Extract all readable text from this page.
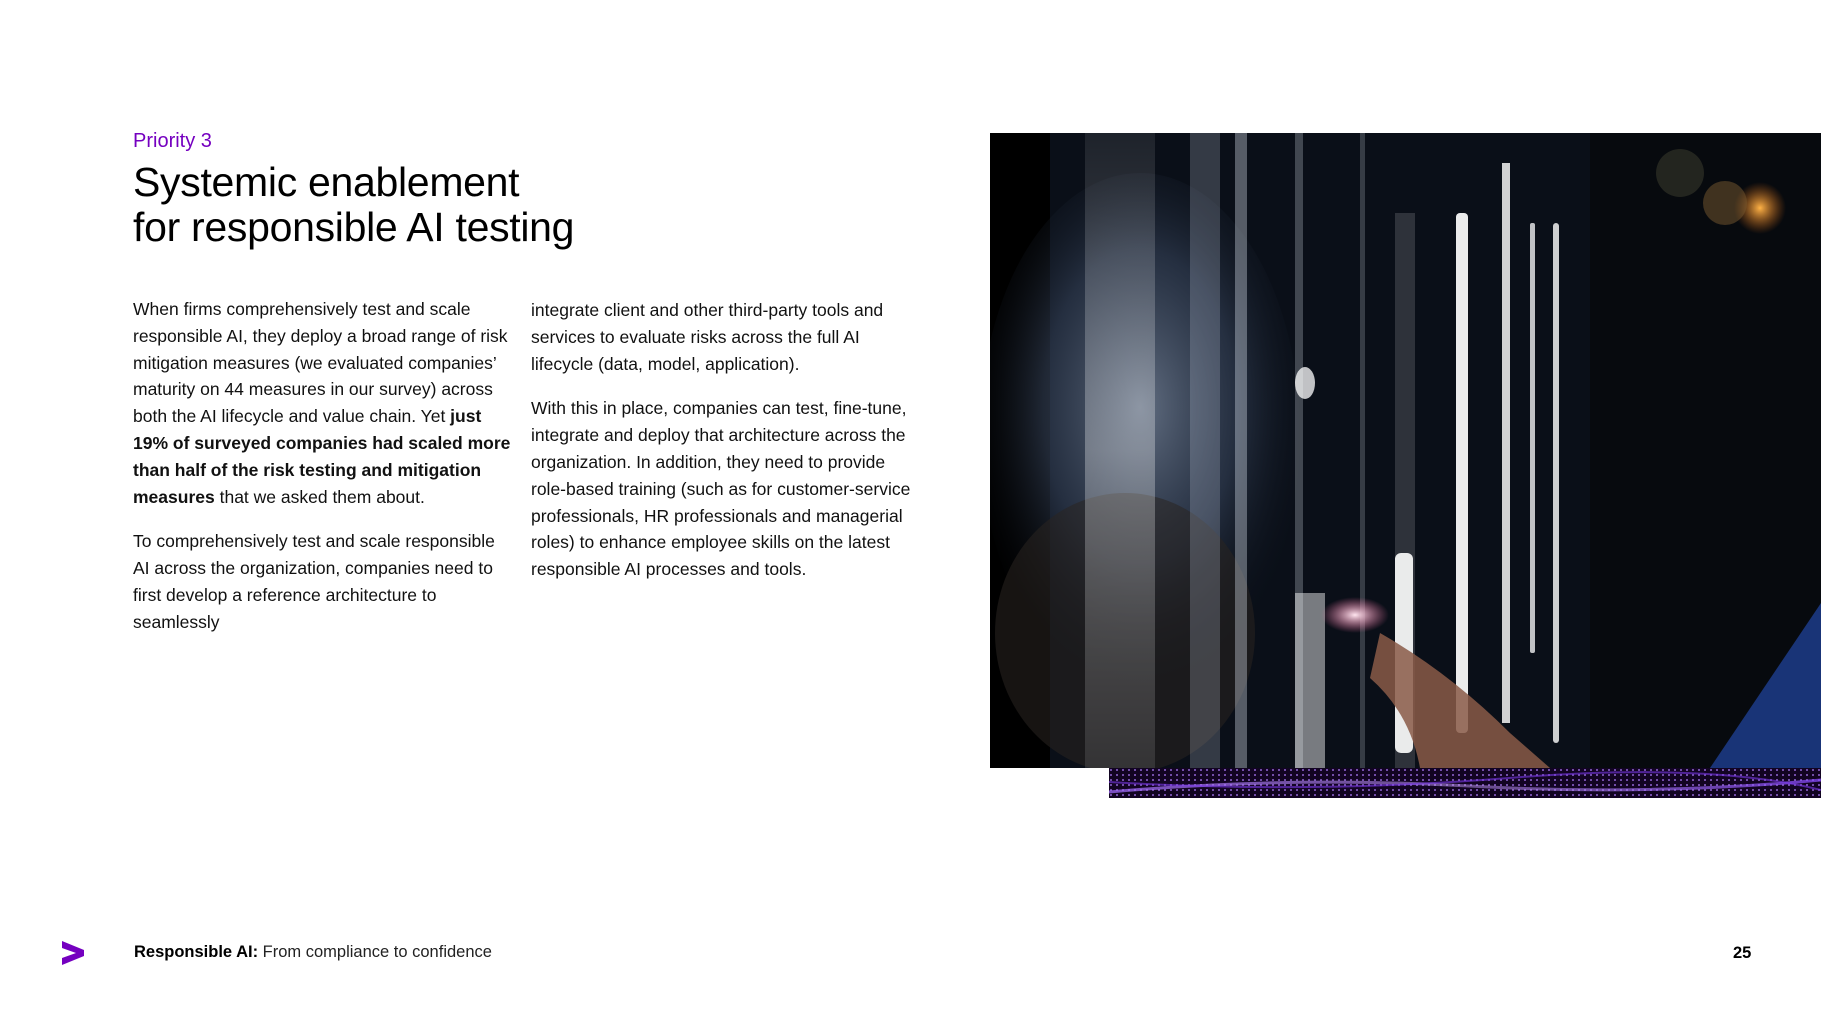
Priority 3
Systemic enablement
for responsible AI testing

When firms comprehensively test and scale responsible AI, they deploy a broad range of risk mitigation measures (we evaluated companies’ maturity on 44 measures in our survey) across both the AI lifecycle and value chain. Yet just 19% of surveyed companies had scaled more than half of the risk testing and mitigation measures that we asked them about.

To comprehensively test and scale responsible AI across the organization, companies need to first develop a reference architecture to seamlessly

integrate client and other third-party tools and services to evaluate risks across the full AI lifecycle (data, model, application).

With this in place, companies can test, fine-tune, integrate and deploy that architecture across the organization. In addition, they need to provide role-based training (such as for customer-service professionals, HR professionals and managerial roles) to enhance employee skills on the latest responsible AI processes and tools.

Responsible AI: From compliance to confidence	25
